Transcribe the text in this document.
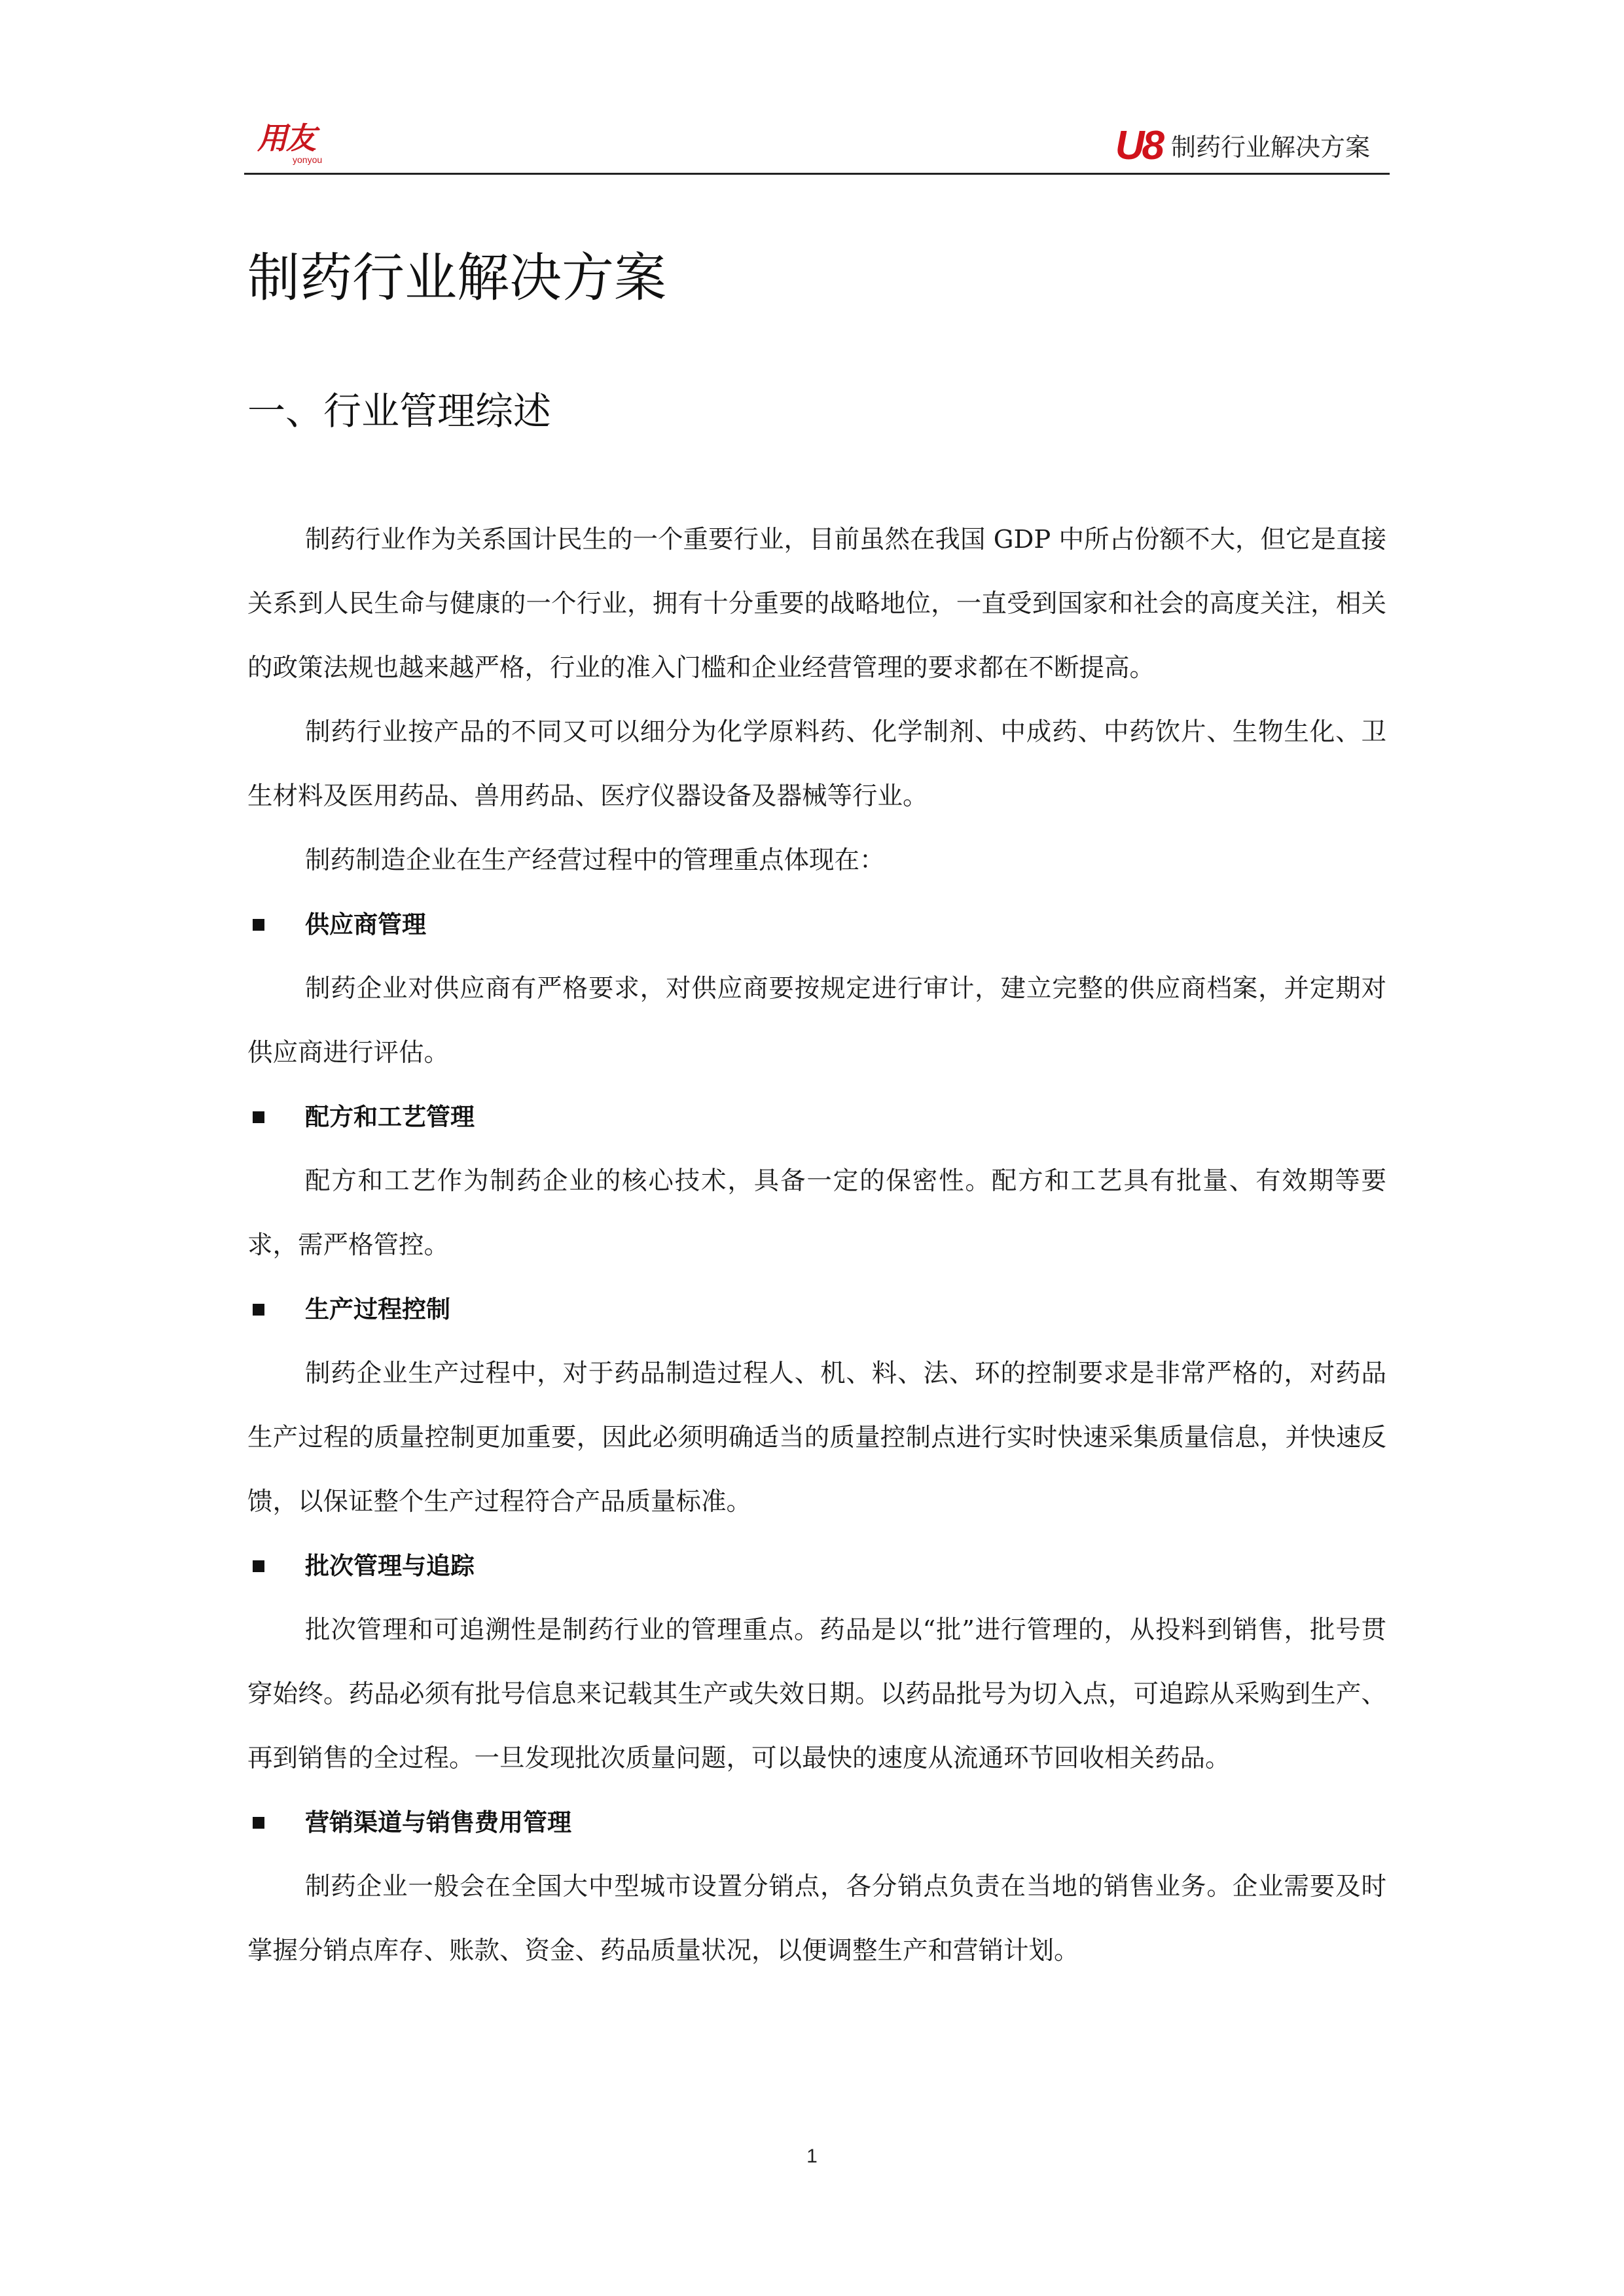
用友
yonyou	U8 制药行业解决方案
制药行业解决方案
一、行业管理综述

制药行业作为关系国计民生的一个重要行业，目前虽然在我国 GDP 中所占份额不大，但它是直接关系到人民生命与健康的一个行业，拥有十分重要的战略地位，一直受到国家和社会的高度关注，相关的政策法规也越来越严格，行业的准入门槛和企业经营管理的要求都在不断提高。

制药行业按产品的不同又可以细分为化学原料药、化学制剂、中成药、中药饮片、生物生化、卫生材料及医用药品、兽用药品、医疗仪器设备及器械等行业。

制药制造企业在生产经营过程中的管理重点体现在：

供应商管理

制药企业对供应商有严格要求，对供应商要按规定进行审计，建立完整的供应商档案，并定期对供应商进行评估。

配方和工艺管理

配方和工艺作为制药企业的核心技术，具备一定的保密性。配方和工艺具有批量、有效期等要求，需严格管控。

生产过程控制

制药企业生产过程中，对于药品制造过程人、机、料、法、环的控制要求是非常严格的，对药品生产过程的质量控制更加重要，因此必须明确适当的质量控制点进行实时快速采集质量信息，并快速反馈，以保证整个生产过程符合产品质量标准。

批次管理与追踪

批次管理和可追溯性是制药行业的管理重点。药品是以“批”进行管理的，从投料到销售，批号贯穿始终。药品必须有批号信息来记载其生产或失效日期。以药品批号为切入点，可追踪从采购到生产、再到销售的全过程。一旦发现批次质量问题，可以最快的速度从流通环节回收相关药品。

营销渠道与销售费用管理

制药企业一般会在全国大中型城市设置分销点，各分销点负责在当地的销售业务。企业需要及时掌握分销点库存、账款、资金、药品质量状况，以便调整生产和营销计划。

1
